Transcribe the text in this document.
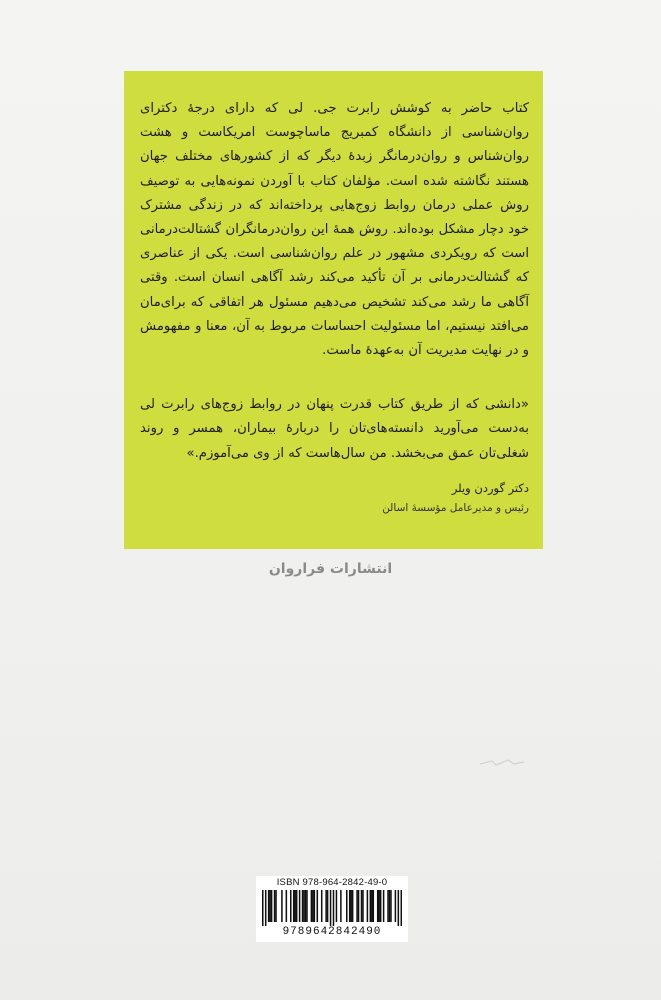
کتاب حاضر به کوشش رابرت جی. لی که دارای درجهٔ دکترای روان‌شناسی از دانشگاه کمبریج ماساچوست امریکاست و هشت روان‌شناس و روان‌درمانگر زبدهٔ دیگر که از کشورهای مختلف جهان هستند نگاشته شده است. مؤلفان کتاب با آوردن نمونه‌هایی به توصیف روش عملی درمان روابط زوج‌هایی پرداخته‌اند که در زندگی مشترک خود دچار مشکل بوده‌اند. روش همهٔ این روان‌درمانگران گشتالت‌درمانی است که رویکردی مشهور در علم روان‌شناسی است. یکی از عناصری که گشتالت‌درمانی بر آن تأکید می‌کند رشد آگاهی انسان است. وقتی آگاهی ما رشد می‌کند تشخیص می‌دهیم مسئول هر اتفاقی که برای‌مان می‌افتد نیستیم، اما مسئولیت احساسات مربوط به آن، معنا و مفهومش و در نهایت مدیریت آن به‌عهدهٔ ماست.

«دانشی که از طریق کتاب قدرت پنهان در روابط زوج‌های رابرت لی به‌دست می‌آورید دانسته‌های‌تان را دربارهٔ بیماران، همسر و روند شغلی‌تان عمق می‌بخشد. من سال‌هاست که از وی می‌آموزم.»

دکتر گوردن ویلر

رئیس و مدیرعامل مؤسسهٔ اسالن

انتشارات فراروان
ISBN 978-964-2842-49-0
9789642842490
